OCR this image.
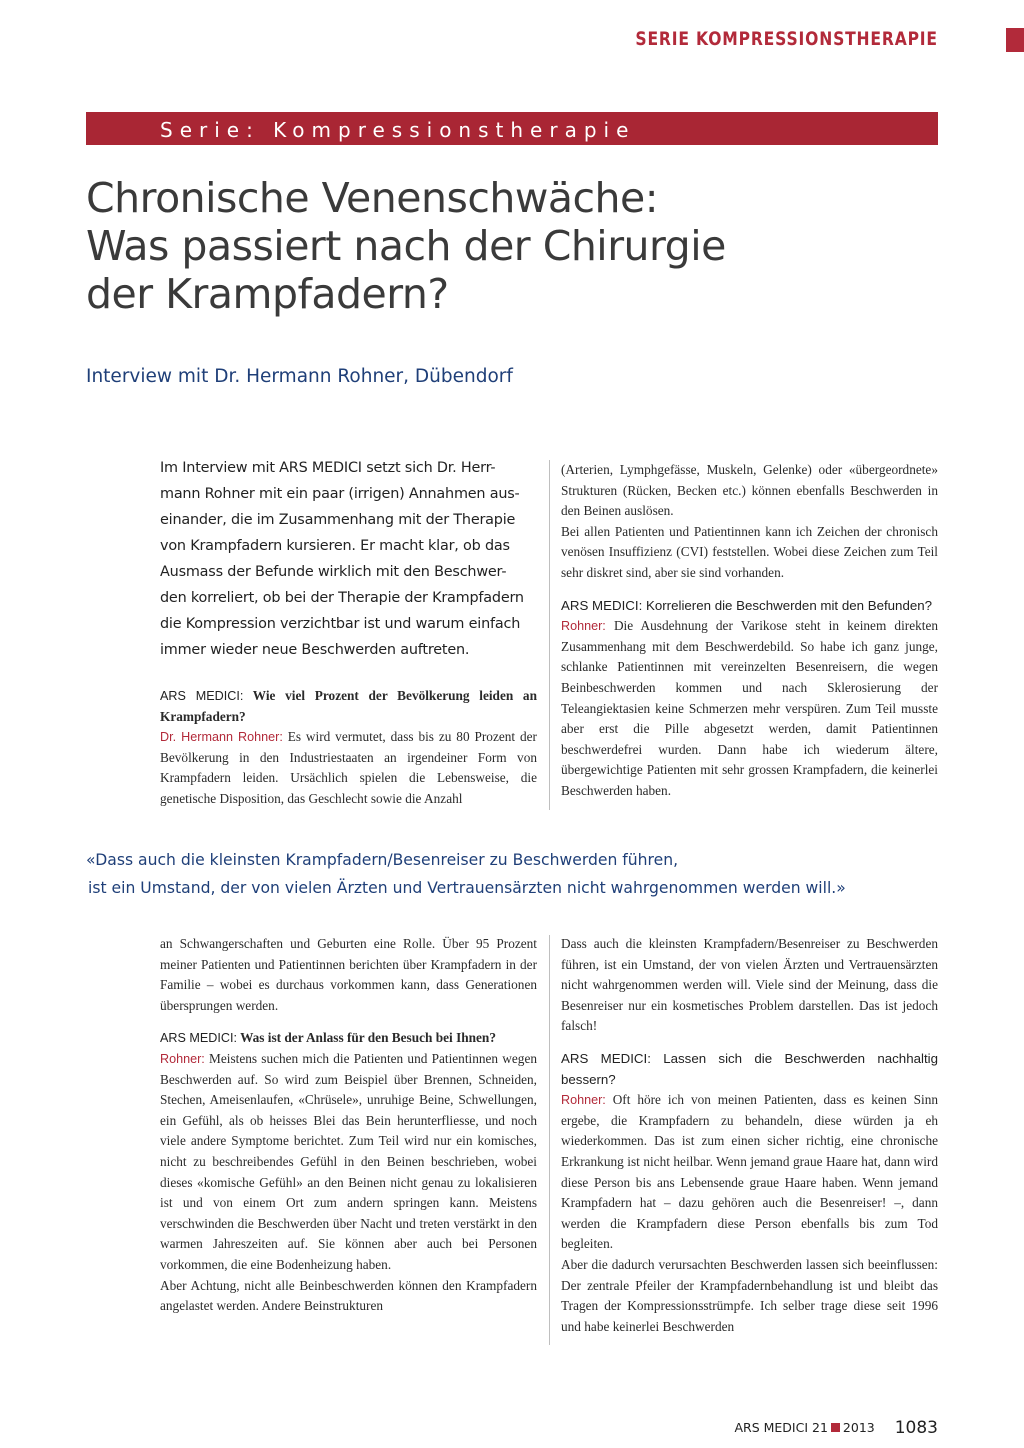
SERIE KOMPRESSIONSTHERAPIE
Serie: Kompressionstherapie
Chronische Venenschwäche:
Was passiert nach der Chirurgie
der Krampfadern?
Interview mit Dr. Hermann Rohner, Dübendorf
Im Interview mit ARS MEDICI setzt sich Dr. Herr-
mann Rohner mit ein paar (irrigen) Annahmen aus-
einander, die im Zusammenhang mit der Therapie
von Krampfadern kursieren. Er macht klar, ob das
Ausmass der Befunde wirklich mit den Beschwer-
den korreliert, ob bei der Therapie der Krampfadern
die Kompression verzichtbar ist und warum einfach
immer wieder neue Beschwerden auftreten.

ARS MEDICI: Wie viel Prozent der Bevölkerung leiden an Krampfadern?

Dr. Hermann Rohner: Es wird vermutet, dass bis zu 80 Prozent der Bevölkerung in den Industriestaaten an irgendeiner Form von Krampfadern leiden. Ursächlich spielen die Lebensweise, die genetische Disposition, das Geschlecht sowie die Anzahl

(Arterien, Lymphgefässe, Muskeln, Gelenke) oder «übergeordnete» Strukturen (Rücken, Becken etc.) können ebenfalls Beschwerden in den Beinen auslösen.

Bei allen Patienten und Patientinnen kann ich Zeichen der chronisch venösen Insuffizienz (CVI) feststellen. Wobei diese Zeichen zum Teil sehr diskret sind, aber sie sind vorhanden.

ARS MEDICI: Korrelieren die Beschwerden mit den Befunden?

Rohner: Die Ausdehnung der Varikose steht in keinem direkten Zusammenhang mit dem Beschwerdebild. So habe ich ganz junge, schlanke Patientinnen mit vereinzelten Besenreisern, die wegen Beinbeschwerden kommen und nach Sklerosierung der Teleangiektasien keine Schmerzen mehr verspüren. Zum Teil musste aber erst die Pille abgesetzt werden, damit Patientinnen beschwerdefrei wurden. Dann habe ich wiederum ältere, übergewichtige Patienten mit sehr grossen Krampfadern, die keinerlei Beschwerden haben.

«Dass auch die kleinsten Krampfadern/Besenreiser zu Beschwerden führen,
ist ein Umstand, der von vielen Ärzten und Vertrauensärzten nicht wahrgenommen werden will.»

an Schwangerschaften und Geburten eine Rolle. Über 95 Prozent meiner Patienten und Patientinnen berichten über Krampfadern in der Familie – wobei es durchaus vorkommen kann, dass Generationen übersprungen werden.

ARS MEDICI: Was ist der Anlass für den Besuch bei Ihnen?

Rohner: Meistens suchen mich die Patienten und Patientinnen wegen Beschwerden auf. So wird zum Beispiel über Brennen, Schneiden, Stechen, Ameisenlaufen, «Chrüsele», unruhige Beine, Schwellungen, ein Gefühl, als ob heisses Blei das Bein herunterfliesse, und noch viele andere Symptome berichtet. Zum Teil wird nur ein komisches, nicht zu beschreibendes Gefühl in den Beinen beschrieben, wobei dieses «komische Gefühl» an den Beinen nicht genau zu lokalisieren ist und von einem Ort zum andern springen kann. Meistens verschwinden die Beschwerden über Nacht und treten verstärkt in den warmen Jahreszeiten auf. Sie können aber auch bei Personen vorkommen, die eine Bodenheizung haben.

Aber Achtung, nicht alle Beinbeschwerden können den Krampfadern angelastet werden. Andere Beinstrukturen

Dass auch die kleinsten Krampfadern/Besenreiser zu Beschwerden führen, ist ein Umstand, der von vielen Ärzten und Vertrauensärzten nicht wahrgenommen werden will. Viele sind der Meinung, dass die Besenreiser nur ein kosmetisches Problem darstellen. Das ist jedoch falsch!

ARS MEDICI: Lassen sich die Beschwerden nachhaltig bessern?

Rohner: Oft höre ich von meinen Patienten, dass es keinen Sinn ergebe, die Krampfadern zu behandeln, diese würden ja eh wiederkommen. Das ist zum einen sicher richtig, eine chronische Erkrankung ist nicht heilbar. Wenn jemand graue Haare hat, dann wird diese Person bis ans Lebensende graue Haare haben. Wenn jemand Krampfadern hat – dazu gehören auch die Besenreiser! –, dann werden die Krampfadern diese Person ebenfalls bis zum Tod begleiten.

Aber die dadurch verursachten Beschwerden lassen sich beeinflussen: Der zentrale Pfeiler der Krampfadernbehandlung ist und bleibt das Tragen der Kompressionsstrümpfe. Ich selber trage diese seit 1996 und habe keinerlei Beschwerden

ARS MEDICI 21 2013 1083
